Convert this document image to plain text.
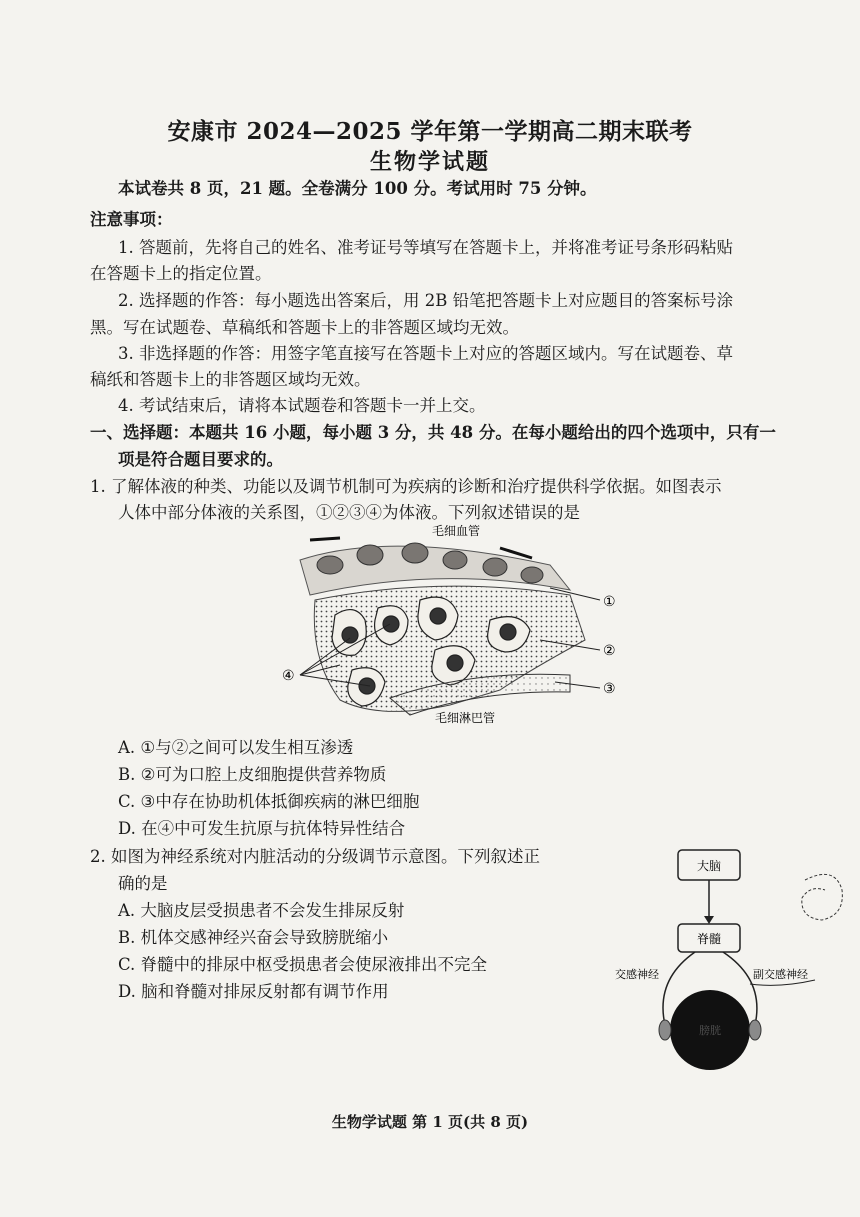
安康市 2024—2025 学年第一学期高二期末联考
生物学试题
本试卷共 8 页，21 题。全卷满分 100 分。考试用时 75 分钟。
注意事项：
1. 答题前，先将自己的姓名、准考证号等填写在答题卡上，并将准考证号条形码粘贴
在答题卡上的指定位置。
2. 选择题的作答：每小题选出答案后，用 2B 铅笔把答题卡上对应题目的答案标号涂
黑。写在试题卷、草稿纸和答题卡上的非答题区域均无效。
3. 非选择题的作答：用签字笔直接写在答题卡上对应的答题区域内。写在试题卷、草
稿纸和答题卡上的非答题区域均无效。
4. 考试结束后，请将本试题卷和答题卡一并上交。
一、选择题：本题共 16 小题，每小题 3 分，共 48 分。在每小题给出的四个选项中，只有一
项是符合题目要求的。
1. 了解体液的种类、功能以及调节机制可为疾病的诊断和治疗提供科学依据。如图表示
人体中部分体液的关系图，①②③④为体液。下列叙述错误的是
毛细血管
毛细淋巴管
①
②
③
④
A. ①与②之间可以发生相互渗透
B. ②可为口腔上皮细胞提供营养物质
C. ③中存在协助机体抵御疾病的淋巴细胞
D. 在④中可发生抗原与抗体特异性结合
2. 如图为神经系统对内脏活动的分级调节示意图。下列叙述正
确的是
A. 大脑皮层受损患者不会发生排尿反射
B. 机体交感神经兴奋会导致膀胱缩小
C. 脊髓中的排尿中枢受损患者会使尿液排出不完全
D. 脑和脊髓对排尿反射都有调节作用
大脑
脊髓
交感神经	副交感神经
膀胱
生物学试题 第 1 页(共 8 页)
